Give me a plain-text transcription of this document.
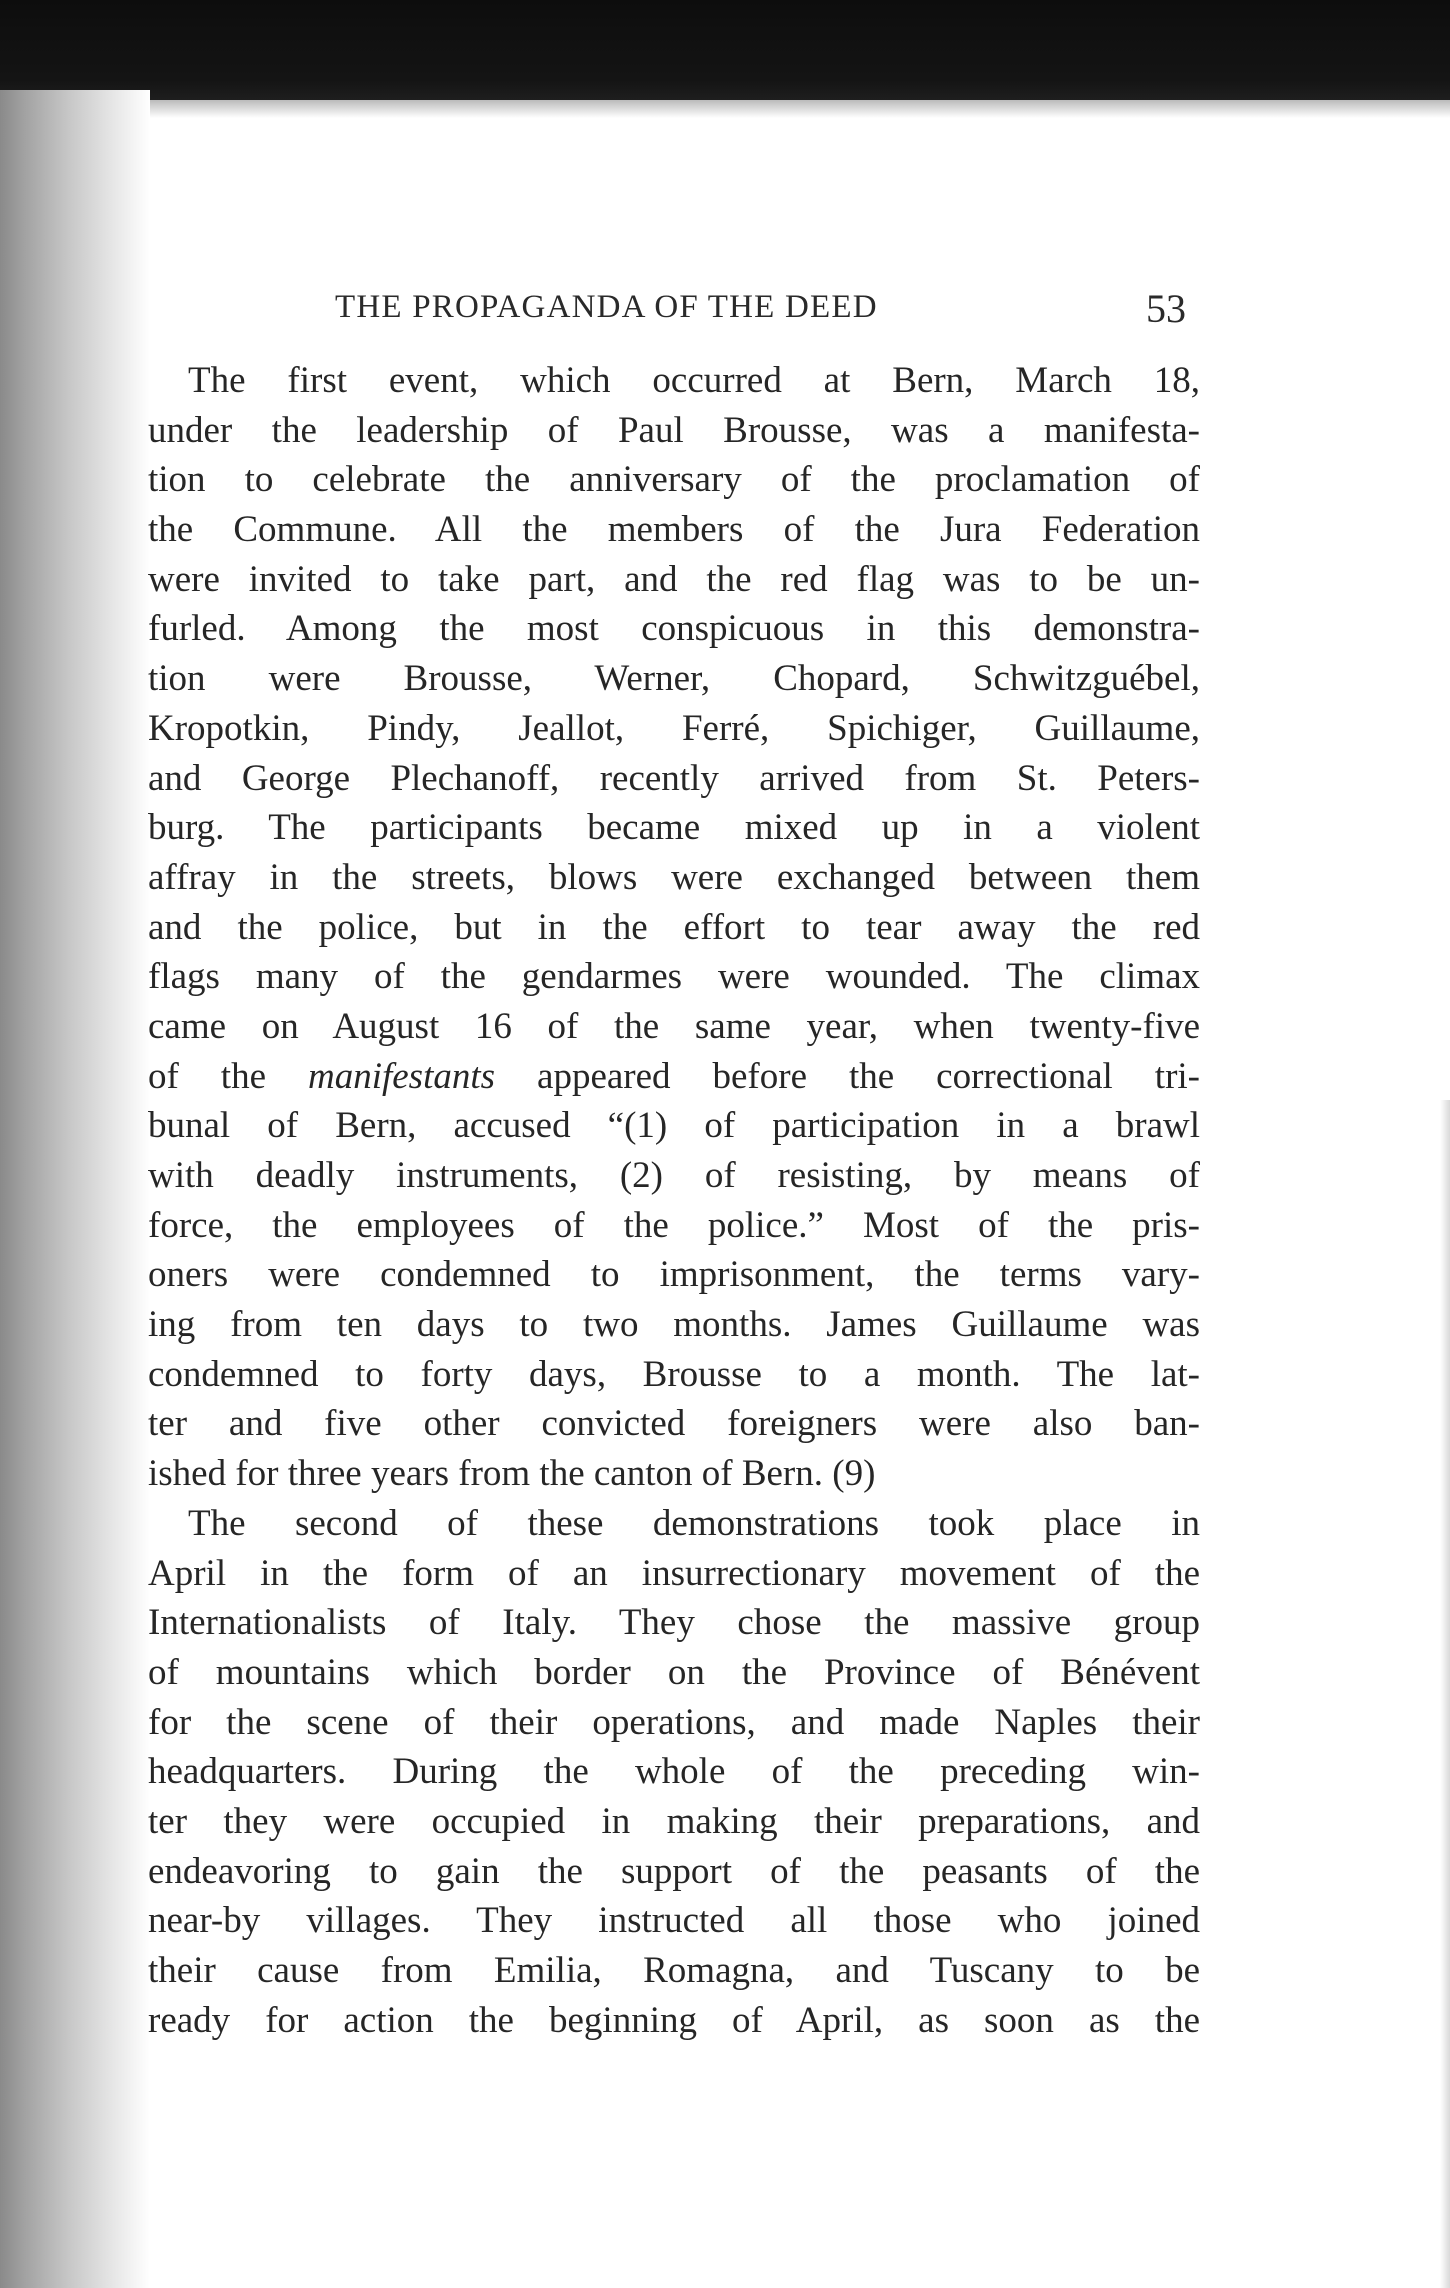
THE PROPAGANDA OF THE DEED	53
The first event, which occurred at Bern, March 18,
under the leadership of Paul Brousse, was a manifesta-
tion to celebrate the anniversary of the proclamation of
the Commune. All the members of the Jura Federation
were invited to take part, and the red flag was to be un-
furled. Among the most conspicuous in this demonstra-
tion were Brousse, Werner, Chopard, Schwitzguébel,
Kropotkin, Pindy, Jeallot, Ferré, Spichiger, Guillaume,
and George Plechanoff, recently arrived from St. Peters-
burg. The participants became mixed up in a violent
affray in the streets, blows were exchanged between them
and the police, but in the effort to tear away the red
flags many of the gendarmes were wounded. The climax
came on August 16 of the same year, when twenty-five
of the manifestants appeared before the correctional tri-
bunal of Bern, accused “(1) of participation in a brawl
with deadly instruments, (2) of resisting, by means of
force, the employees of the police.” Most of the pris-
oners were condemned to imprisonment, the terms vary-
ing from ten days to two months. James Guillaume was
condemned to forty days, Brousse to a month. The lat-
ter and five other convicted foreigners were also ban-
ished for three years from the canton of Bern. (9)
The second of these demonstrations took place in
April in the form of an insurrectionary movement of the
Internationalists of Italy. They chose the massive group
of mountains which border on the Province of Bénévent
for the scene of their operations, and made Naples their
headquarters. During the whole of the preceding win-
ter they were occupied in making their preparations, and
endeavoring to gain the support of the peasants of the
near-by villages. They instructed all those who joined
their cause from Emilia, Romagna, and Tuscany to be
ready for action the beginning of April, as soon as the
